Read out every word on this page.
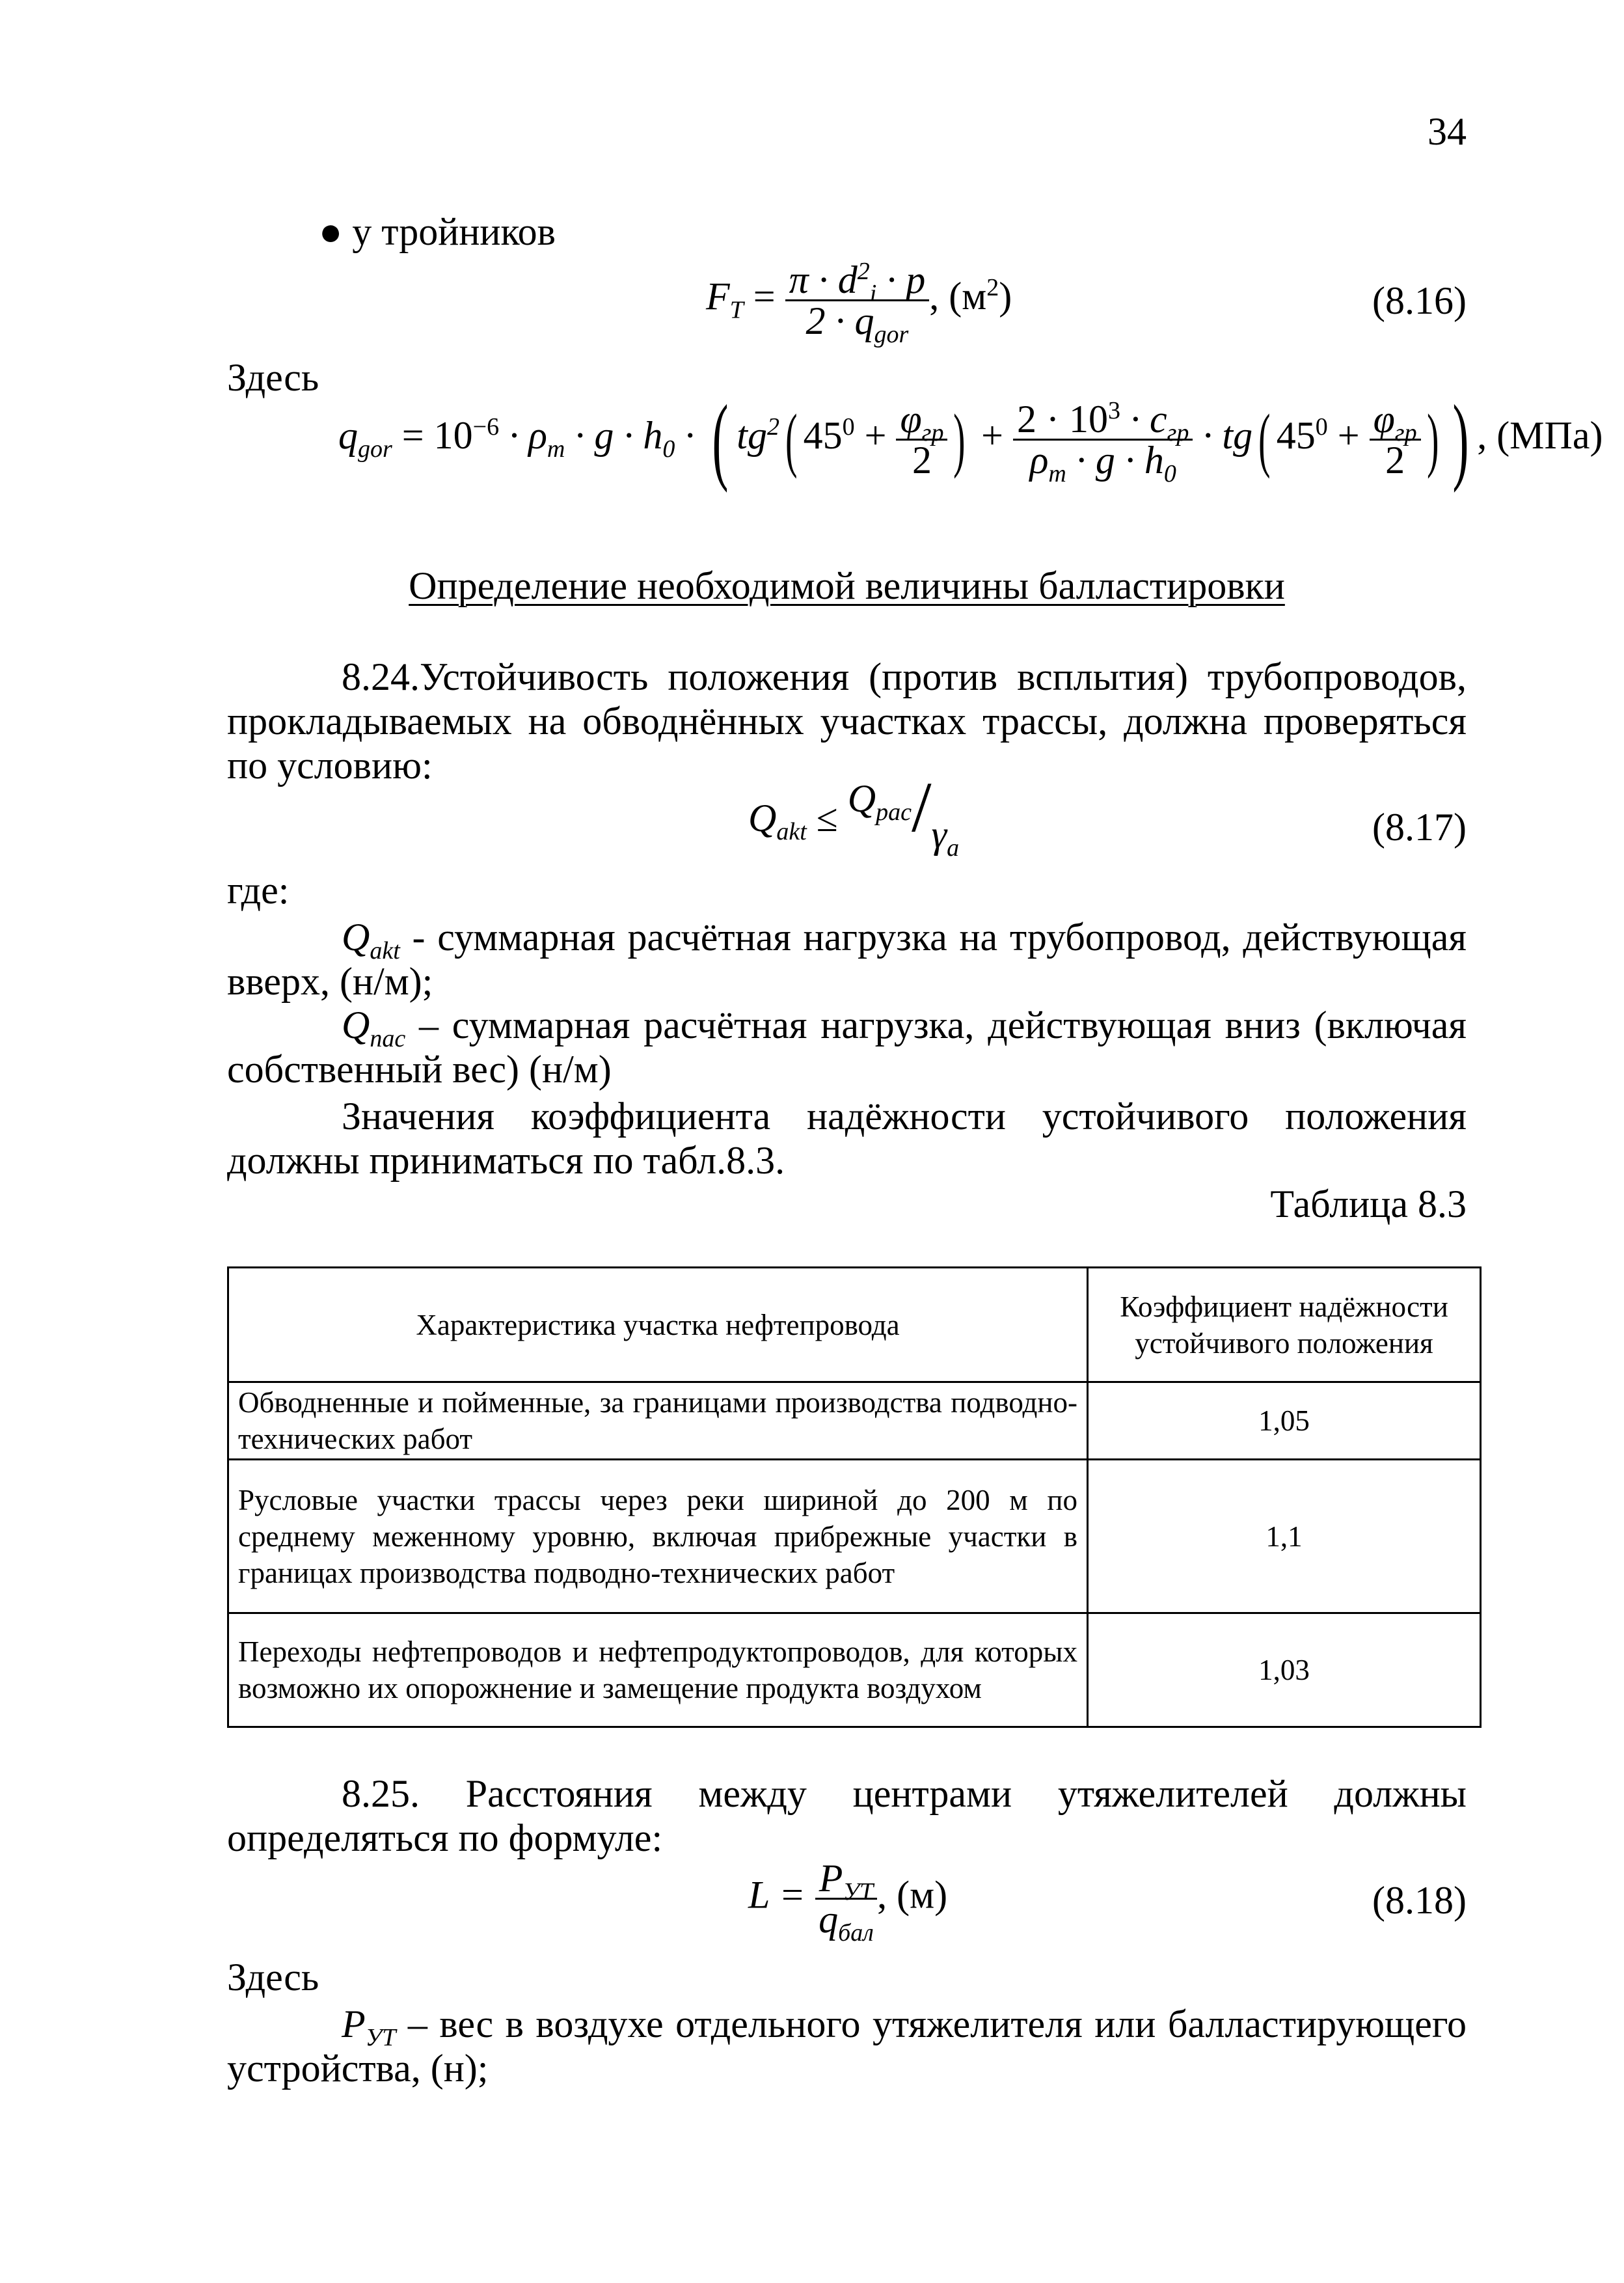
34
● у тройников
$F_T = \frac{\pi \cdot d^2_i \cdot p}{2 \cdot q_{gor}}$ , $(м^2)$	(8.16)
Здесь
$q_{gor} = 10^{-6} \cdot \rho_m \cdot g \cdot h_0$ · ( $tg^2$( $45^0 + \frac{\varphi_{гр}}{2}$ ) + $\frac{2 \cdot 10^3 \cdot c_{гр}}{\rho_m \cdot g \cdot h_0} \cdot tg$( $45^0 + \frac{\varphi_{гр}}{2}$ ) ) , (МПа)
Определение необходимой величины балластировки
8.24.Устойчивость положения (против всплытия) трубопроводов, прокладываемых на обводнённых участках трассы, должна проверяться по условию:
$Q_{akt} \le Q_{pac}/\gamma_a$	(8.17)
где:
$Q_{akt}$ - суммарная расчётная нагрузка на трубопровод, действующая вверх, (н/м);
$Q_{nac}$ – суммарная расчётная нагрузка, действующая вниз (включая собственный вес) (н/м)
Значения коэффициента надёжности устойчивого положения должны приниматься по табл.8.3.
Таблица 8.3
Характеристика участка нефтепровода	Коэффициент надёжности устойчивого положения
Обводненные и пойменные, за границами производства подводно-технических работ	1,05
Русловые участки трассы через реки шириной до 200 м по среднему меженному уровню, включая прибрежные участки в границах производства подводно-технических работ	1,1
Переходы нефтепроводов и нефтепродуктопроводов, для которых возможно их опорожнение и замещение продукта воздухом	1,03
8.25. Расстояния между центрами утяжелителей должны определяться по формуле:
$L = \frac{P_{УТ}}{q_{бал}}$ , (м)	(8.18)
Здесь
$P_{УТ}$ – вес в воздухе отдельного утяжелителя или балластирующего устройства, (н);
